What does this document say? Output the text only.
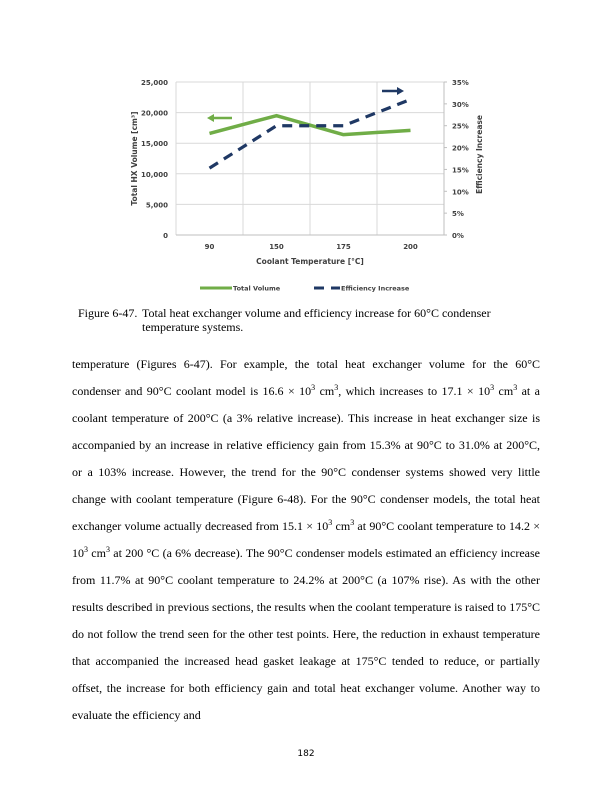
0
5,000
10,000
15,000
20,000
25,000
0%
5%
10%
15%
20%
25%
30%
35%
90	150	175	200
Coolant Temperature [°C]
Total HX Volume [cm³]	Efficiency Increase
Total Volume	Efficiency Increase
Figure 6-47. Total heat exchanger volume and efficiency increase for 60°C condenser
temperature systems.

temperature (Figures 6-47). For example, the total heat exchanger volume for the 60°C condenser and 90°C coolant model is $16.6 \times 10^3$ $cm^3$, which increases to $17.1 \times 10^3$ $cm^3$ at a coolant temperature of 200°C (a 3% relative increase). This increase in heat exchanger size is accompanied by an increase in relative efficiency gain from 15.3% at 90°C to 31.0% at 200°C, or a 103% increase. However, the trend for the 90°C condenser systems showed very little change with coolant temperature (Figure 6-48). For the 90°C condenser models, the total heat exchanger volume actually decreased from $15.1 \times 10^3$ $cm^3$ at 90°C coolant temperature to $14.2 \times 10^3$ $cm^3$ at 200 °C (a 6% decrease). The 90°C condenser models estimated an efficiency increase from 11.7% at 90°C coolant temperature to 24.2% at 200°C (a 107% rise). As with the other results described in previous sections, the results when the coolant temperature is raised to 175°C do not follow the trend seen for the other test points. Here, the reduction in exhaust temperature that accompanied the increased head gasket leakage at 175°C tended to reduce, or partially offset, the increase for both efficiency gain and total heat exchanger volume. Another way to evaluate the efficiency and

182
